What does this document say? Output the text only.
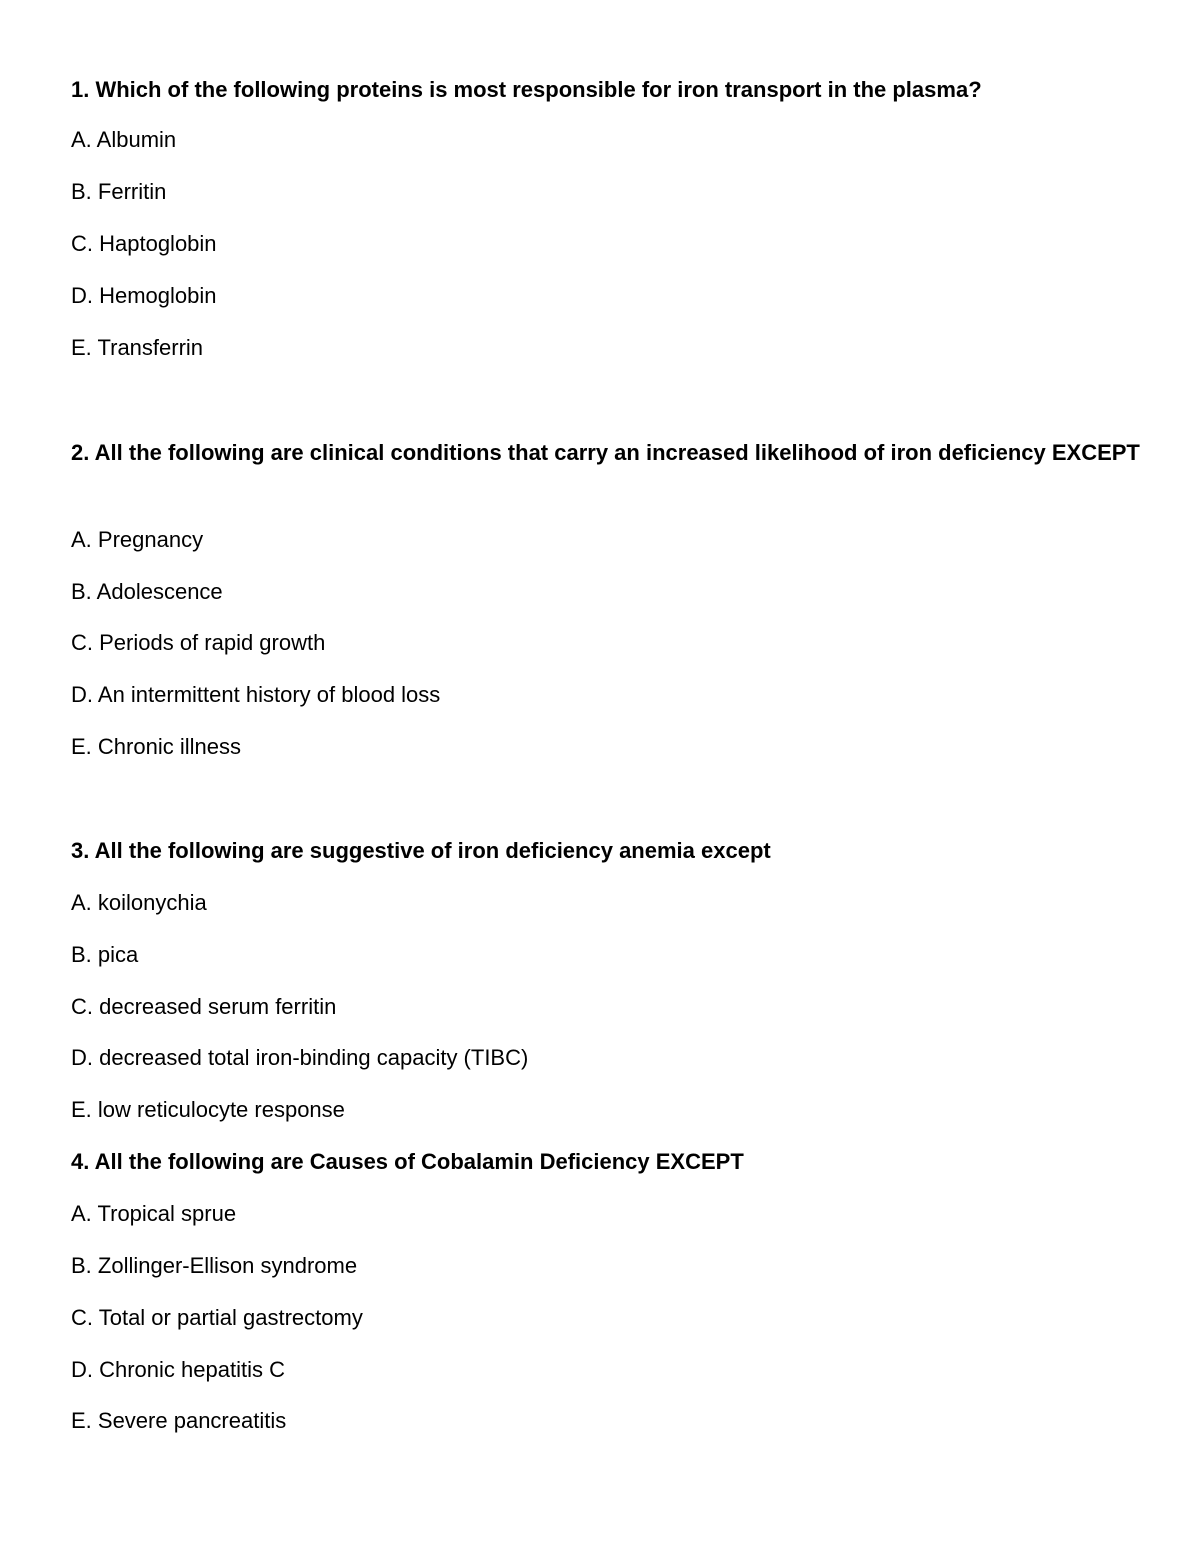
1. Which of the following proteins is most responsible for iron transport in the plasma?
A. Albumin
B. Ferritin
C. Haptoglobin
D. Hemoglobin
E. Transferrin
2. All the following are clinical conditions that carry an increased likelihood of iron deficiency EXCEPT
A. Pregnancy
B. Adolescence
C. Periods of rapid growth
D. An intermittent history of blood loss
E. Chronic illness
3. All the following are suggestive of iron deficiency anemia except
A. koilonychia
B. pica
C. decreased serum ferritin
D. decreased total iron-binding capacity (TIBC)
E. low reticulocyte response
4. All the following are Causes of Cobalamin Deficiency EXCEPT
A. Tropical sprue
B. Zollinger-Ellison syndrome
C. Total or partial gastrectomy
D. Chronic hepatitis C
E. Severe pancreatitis
